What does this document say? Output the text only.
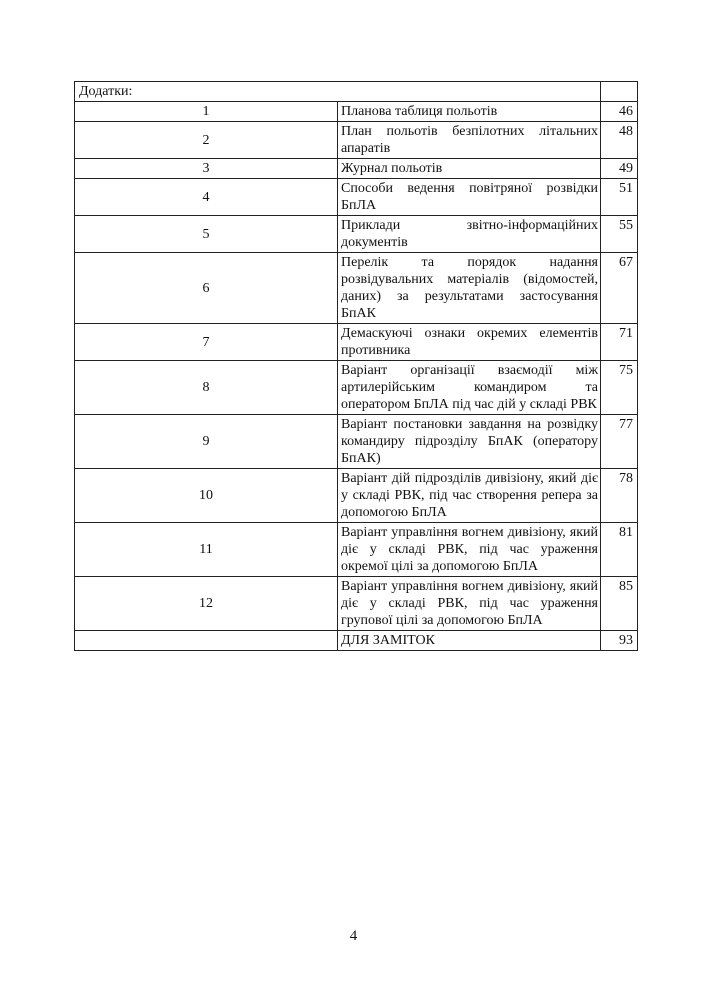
Додатки:		
1	Планова таблиця польотів	46
2	План польотів безпілотних літальних апаратів	48
3	Журнал польотів	49
4	Способи ведення повітряної розвідки БпЛА	51
5	Приклади звітно-інформаційних документів	55
6	Перелік та порядок надання розвідувальних матеріалів (відомостей, даних) за результатами застосування БпАК	67
7	Демаскуючі ознаки окремих елементів противника	71
8	Варіант організації взаємодії між артилерійським командиром та оператором БпЛА під час дій у складі РВК	75
9	Варіант постановки завдання на розвідку командиру підрозділу БпАК (оператору БпАК)	77
10	Варіант дій підрозділів дивізіону, який діє у складі РВК, під час створення репера за допомогою БпЛА	78
11	Варіант управління вогнем дивізіону, який діє у складі РВК, під час ураження окремої цілі за допомогою БпЛА	81
12	Варіант управління вогнем дивізіону, який діє у складі РВК, під час ураження групової цілі за допомогою БпЛА	85
	ДЛЯ ЗАМІТОК	93
4
